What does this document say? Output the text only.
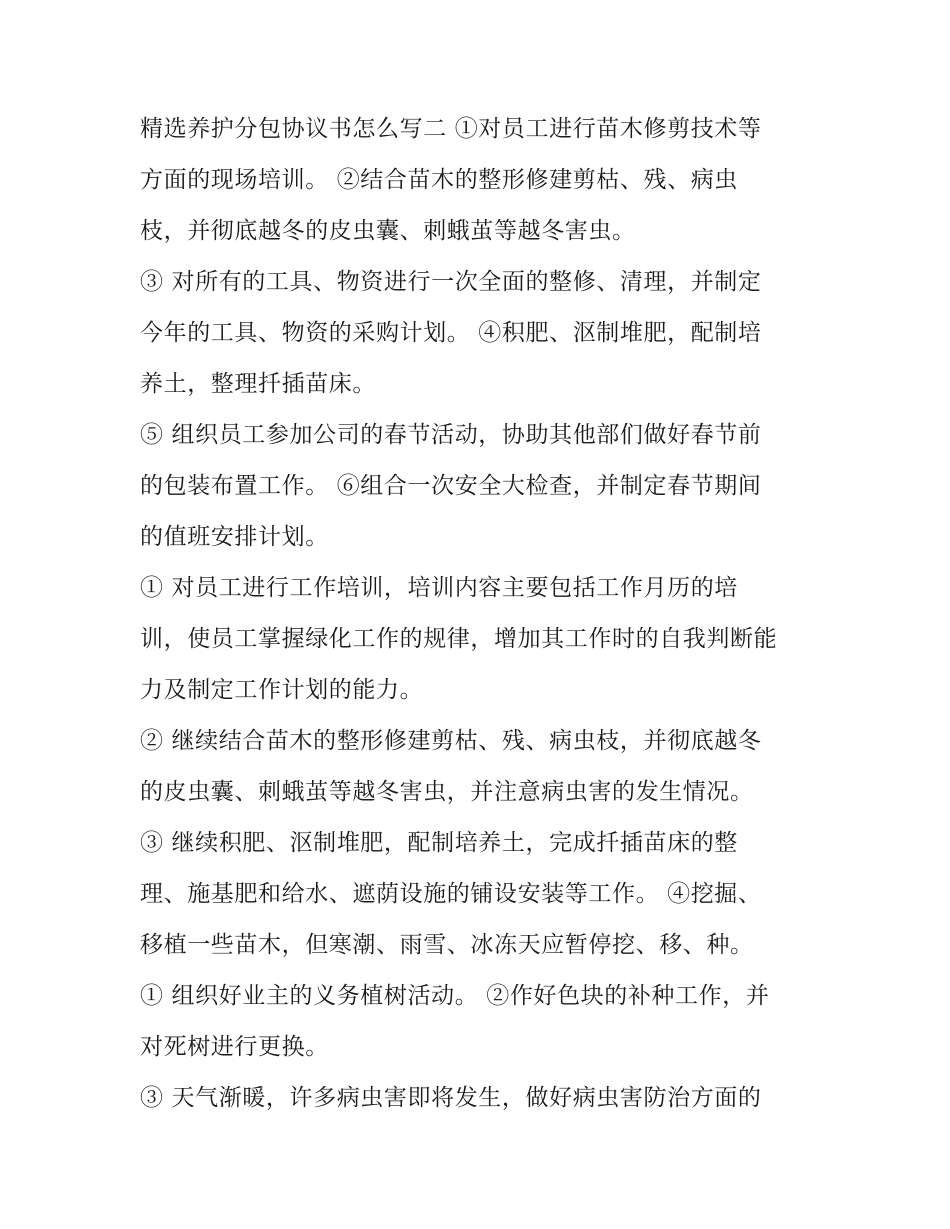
精选养护分包协议书怎么写二 ①对员工进行苗木修剪技术等
方面的现场培训。 ②结合苗木的整形修建剪枯、残、病虫
枝，并彻底越冬的皮虫囊、刺蛾茧等越冬害虫。
③ 对所有的工具、物资进行一次全面的整修、清理，并制定
今年的工具、物资的采购计划。 ④积肥、沤制堆肥，配制培
养土，整理扦插苗床。
⑤ 组织员工参加公司的春节活动，协助其他部们做好春节前
的包装布置工作。 ⑥组合一次安全大检查，并制定春节期间
的值班安排计划。
① 对员工进行工作培训，培训内容主要包括工作月历的培
训，使员工掌握绿化工作的规律，增加其工作时的自我判断能
力及制定工作计划的能力。
② 继续结合苗木的整形修建剪枯、残、病虫枝，并彻底越冬
的皮虫囊、刺蛾茧等越冬害虫，并注意病虫害的发生情况。
③ 继续积肥、沤制堆肥，配制培养土，完成扦插苗床的整
理、施基肥和给水、遮荫设施的铺设安装等工作。 ④挖掘、
移植一些苗木，但寒潮、雨雪、冰冻天应暂停挖、移、种。
① 组织好业主的义务植树活动。 ②作好色块的补种工作，并
对死树进行更换。
③ 天气渐暖，许多病虫害即将发生，做好病虫害防治方面的
